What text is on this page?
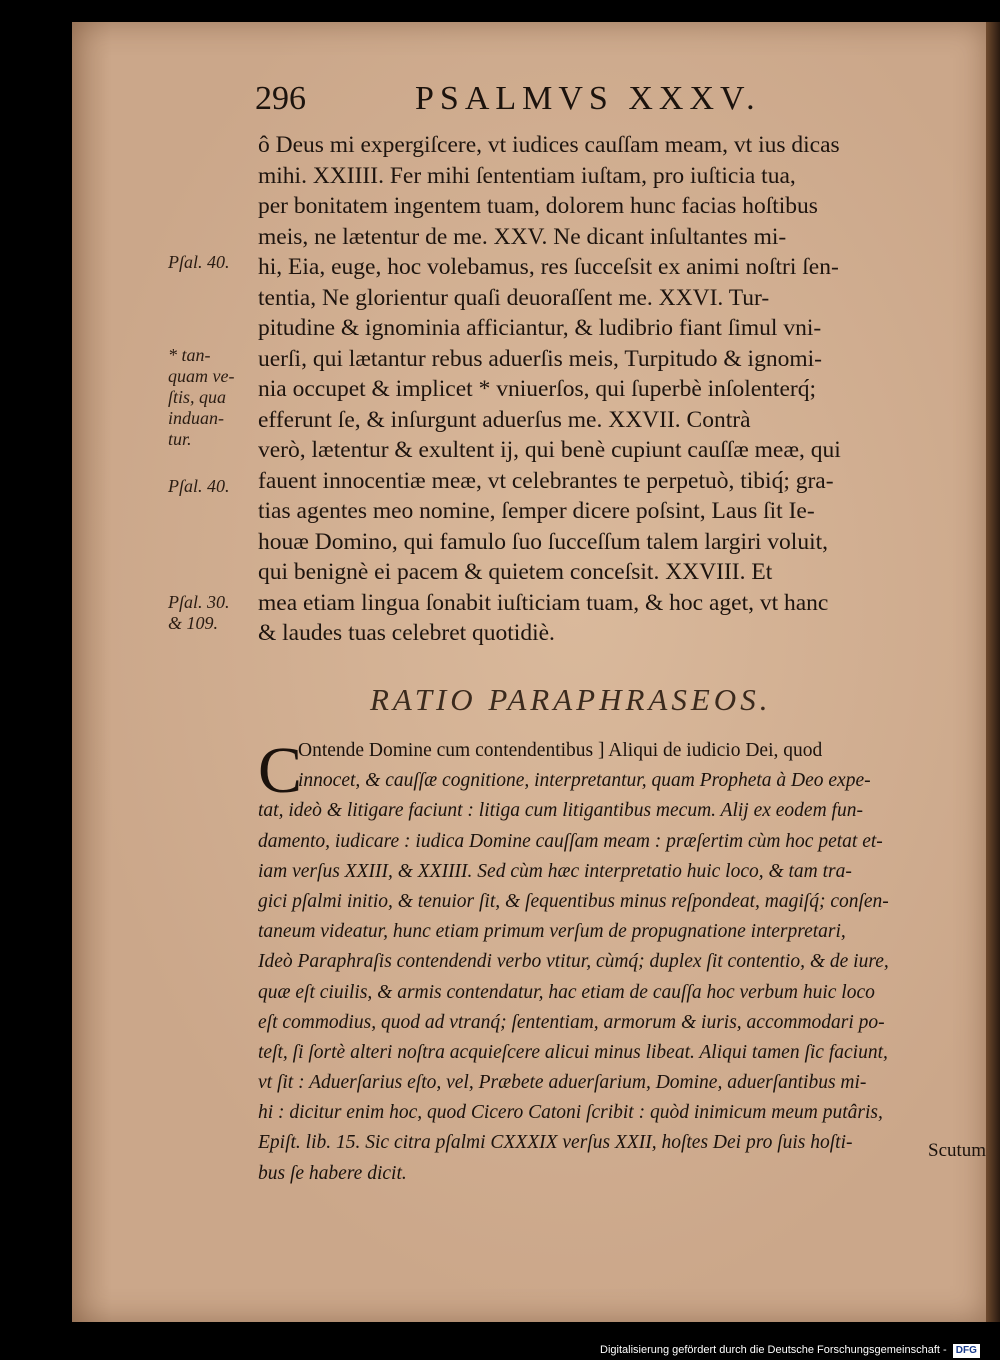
296	PSALMVS XXXV.
ô Deus mi expergiſcere, vt iudices cauſſam meam, vt ius dicas
mihi. XXIIII. Fer mihi ſententiam iuſtam, pro iuſticia tua,
per bonitatem ingentem tuam, dolorem hunc facias hoſtibus
meis, ne lætentur de me. XXV. Ne dicant inſultantes mi-
hi, Eia, euge, hoc volebamus, res ſucceſsit ex animi noſtri ſen-
tentia, Ne glorientur quaſi deuoraſſent me. XXVI. Tur-
pitudine & ignominia afficiantur, & ludibrio fiant ſimul vni-
uerſi, qui lætantur rebus aduerſis meis, Turpitudo & ignomi-
nia occupet & implicet * vniuerſos, qui ſuperbè inſolenterq́;
efferunt ſe, & inſurgunt aduerſus me. XXVII. Contrà
verò, lætentur & exultent ij, qui benè cupiunt cauſſæ meæ, qui
fauent innocentiæ meæ, vt celebrantes te perpetuò, tibiq́; gra-
tias agentes meo nomine, ſemper dicere poſsint, Laus ſit Ie-
houæ Domino, qui famulo ſuo ſucceſſum talem largiri voluit,
qui benignè ei pacem & quietem conceſsit. XXVIII. Et
mea etiam lingua ſonabit iuſticiam tuam, & hoc aget, vt hanc
& laudes tuas celebret quotidiè.
Pſal. 40.
* tan-
quam ve-
ſtis, qua
induan-
tur.
Pſal. 40.
Pſal. 30.
& 109.
RATIO PARAPHRASEOS.
C
Ontende Domine cum contendentibus ] Aliqui de iudicio Dei, quod
innocet, & cauſſæ cognitione, interpretantur, quam Propheta à Deo expe-
tat, ideò & litigare faciunt : litiga cum litigantibus mecum. Alij ex eodem fun-
damento, iudicare : iudica Domine cauſſam meam : præſertim cùm hoc petat et-
iam verſus XXIII, & XXIIII. Sed cùm hæc interpretatio huic loco, & tam tra-
gici pſalmi initio, & tenuior ſit, & ſequentibus minus reſpondeat, magiſq́; conſen-
taneum videatur, hunc etiam primum verſum de propugnatione interpretari,
Ideò Paraphraſis contendendi verbo vtitur, cùmq́; duplex ſit contentio, & de iure,
quæ eſt ciuilis, & armis contendatur, hac etiam de cauſſa hoc verbum huic loco
eſt commodius, quod ad vtranq́; ſententiam, armorum & iuris, accommodari po-
teſt, ſi ſortè alteri noſtra acquieſcere alicui minus libeat. Aliqui tamen ſic faciunt,
vt ſit : Aduerſarius eſto, vel, Præbete aduerſarium, Domine, aduerſantibus mi-
hi : dicitur enim hoc, quod Cicero Catoni ſcribit : quòd inimicum meum putâris,
Epiſt. lib. 15. Sic citra pſalmi CXXXIX verſus XXII, hoſtes Dei pro ſuis hoſti-
bus ſe habere dicit.
Scutum
Digitalisierung gefördert durch die Deutsche Forschungsgemeinschaft - DFG
